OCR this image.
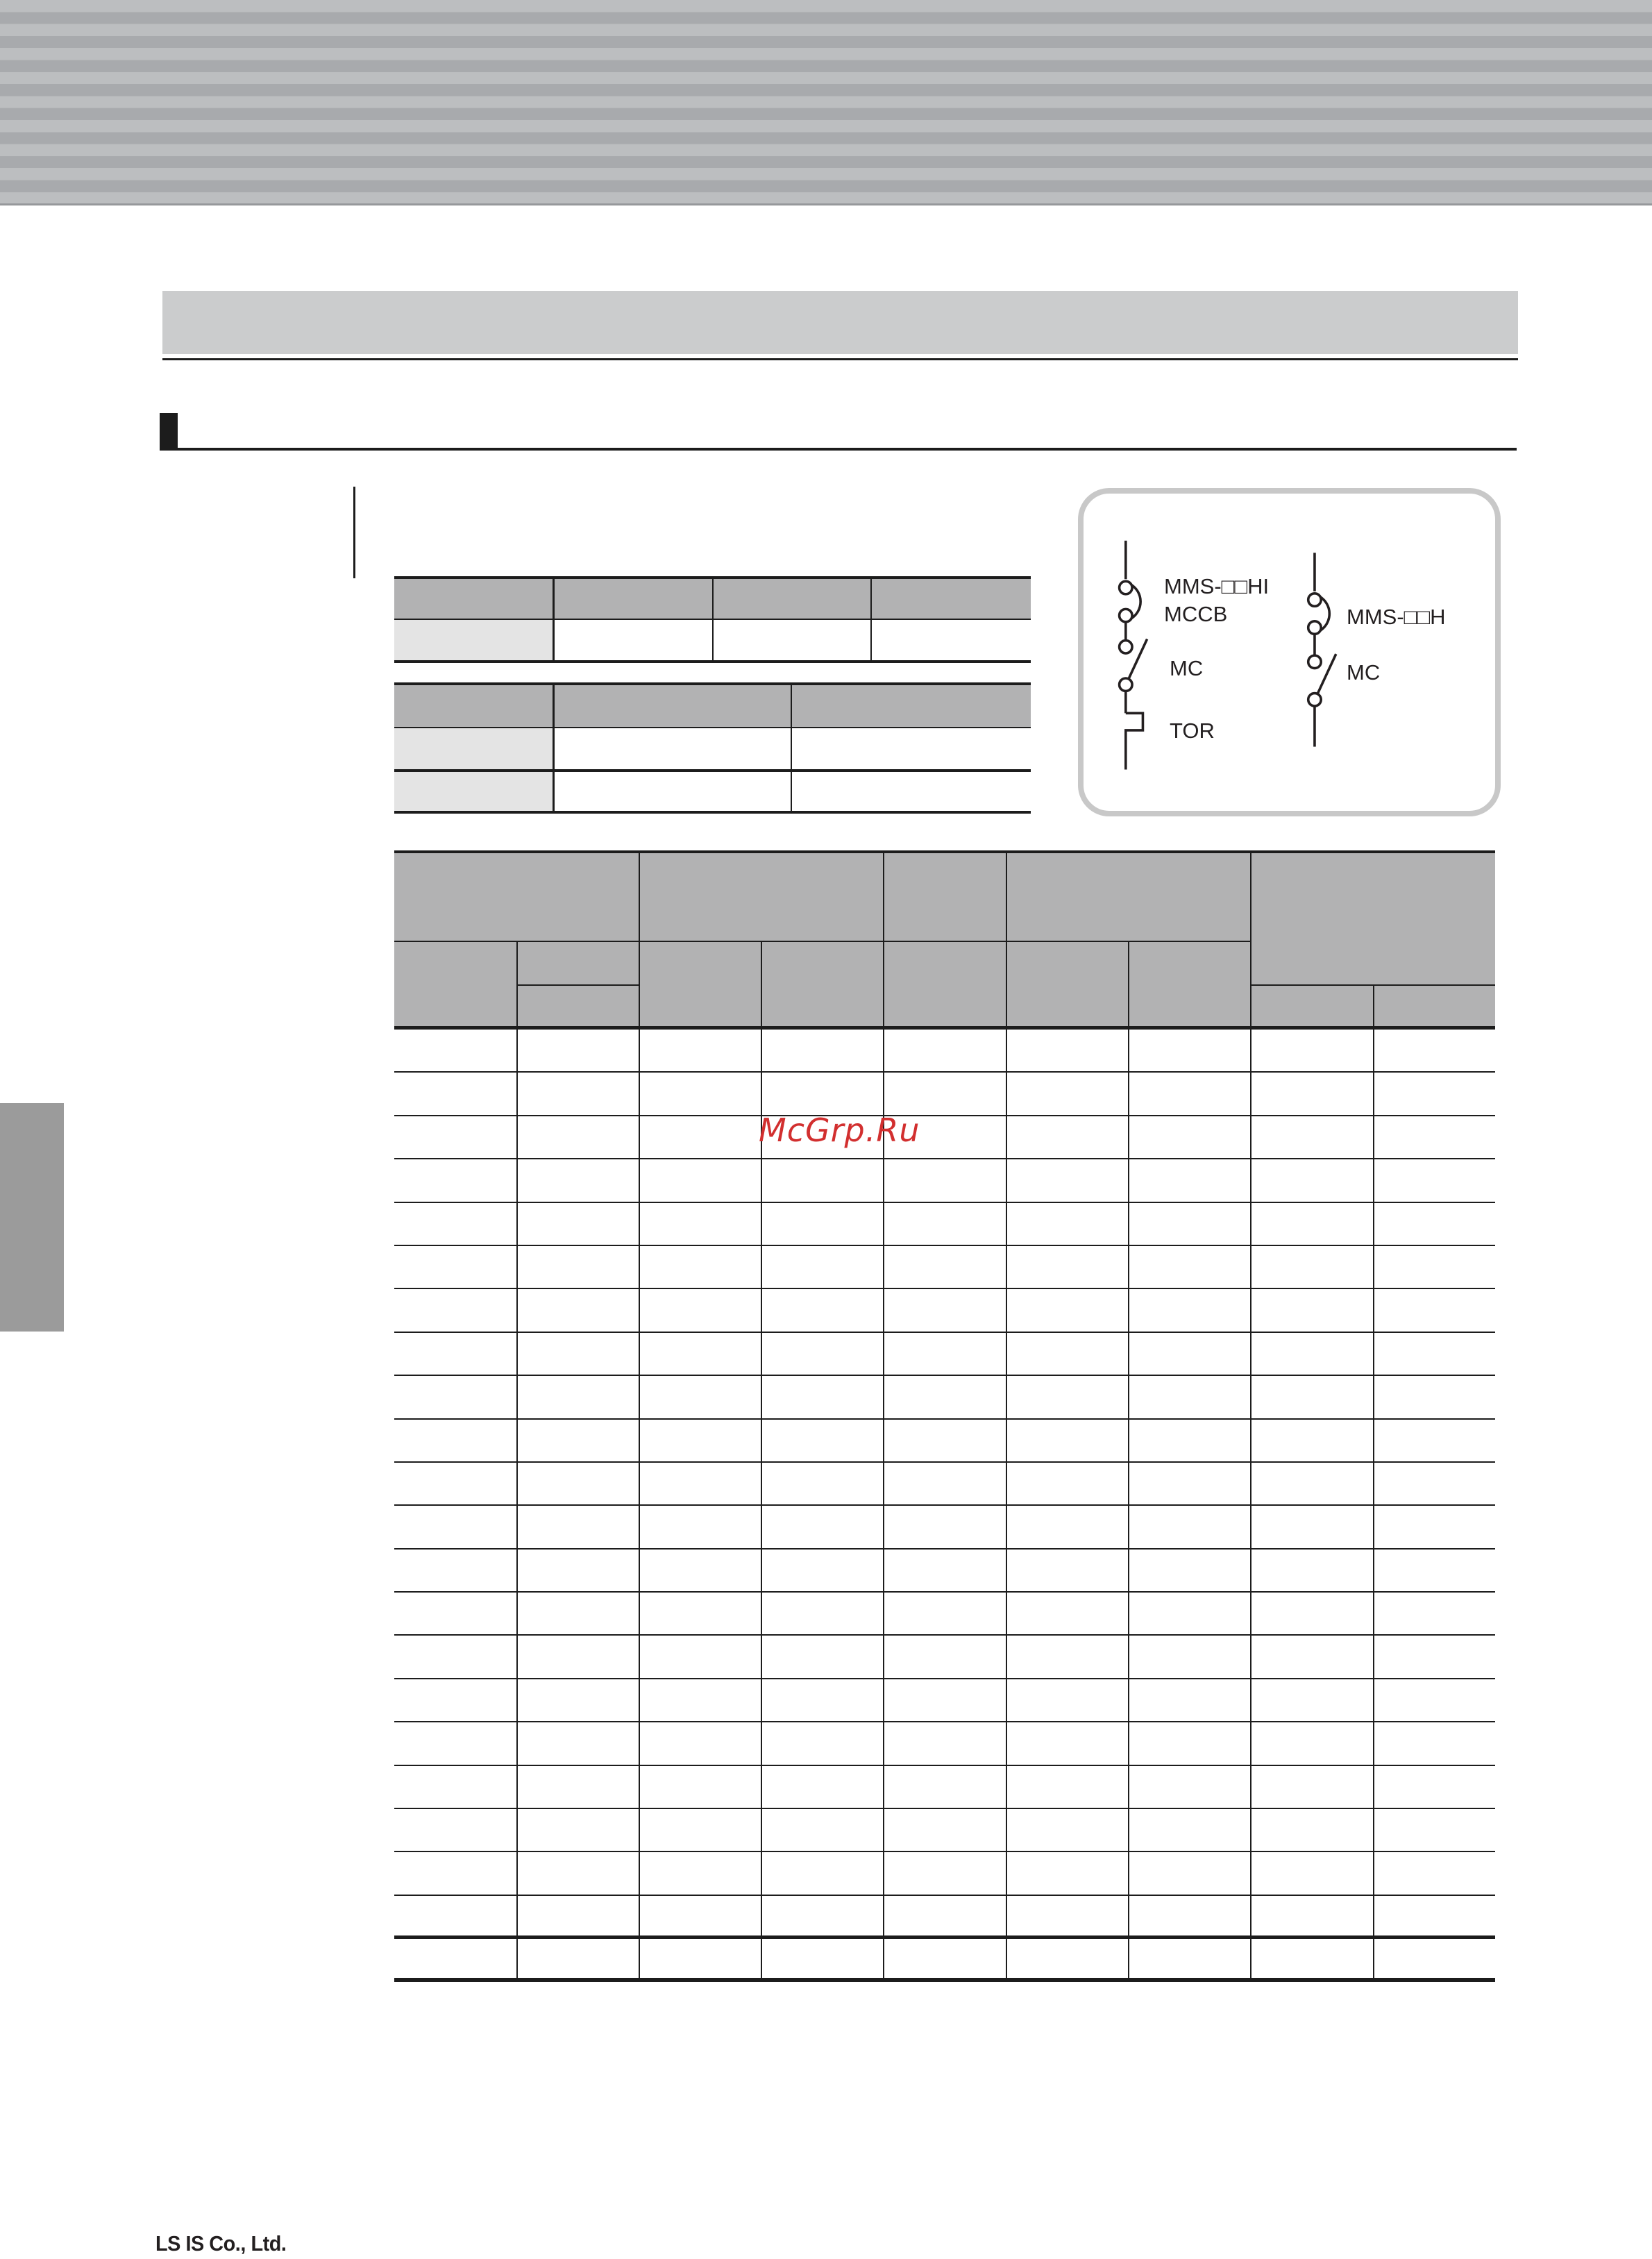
MMS-□□HI
MCCB
MC
TOR
MMS-□□H
MC
McGrp.Ru
LS IS Co., Ltd.
